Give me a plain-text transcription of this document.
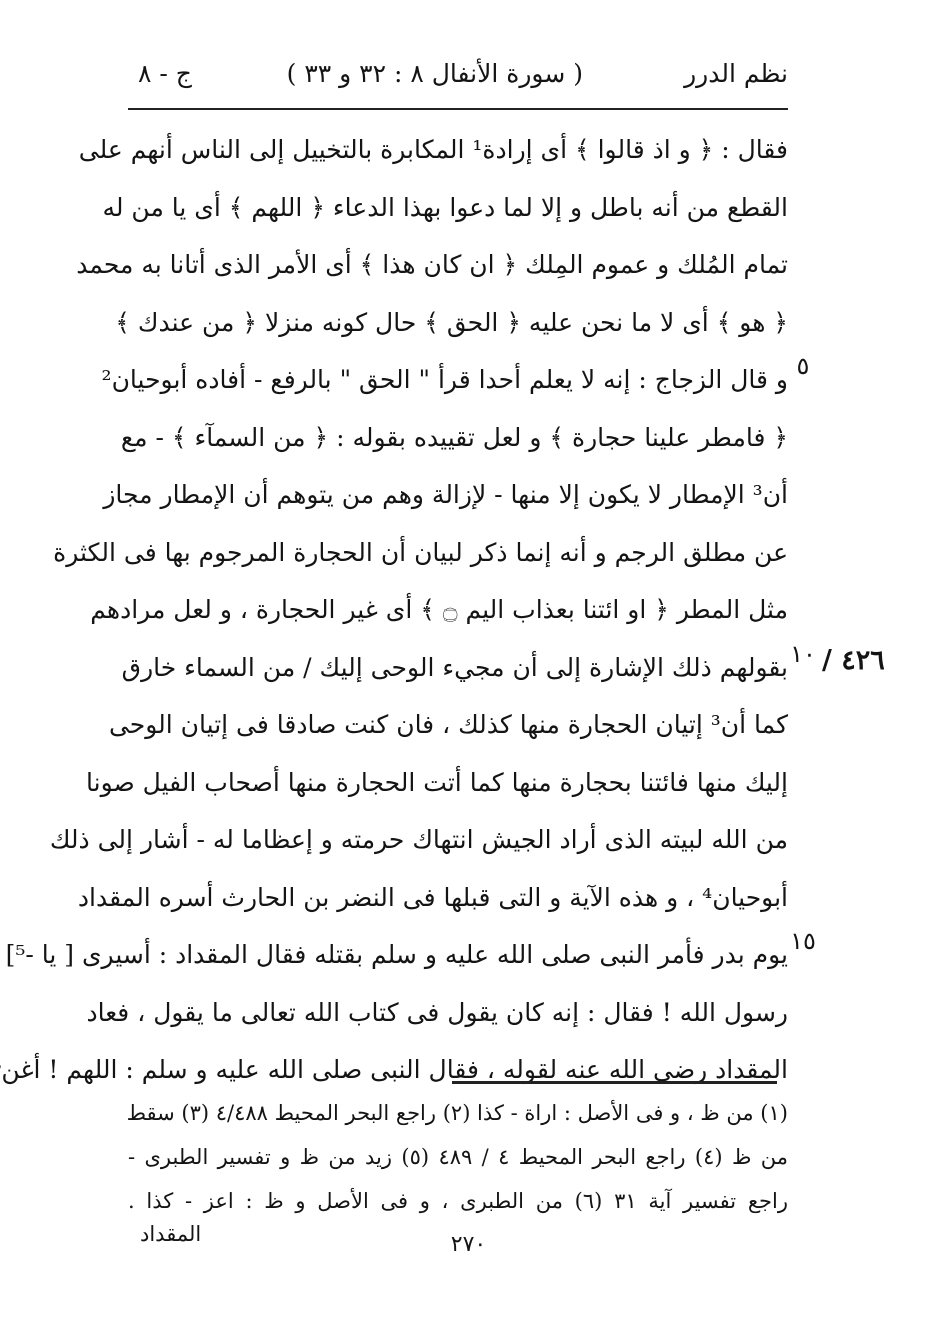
نظم الدرر
( سورة الأنفال ٨ : ٣٢ و ٣٣ )
ج - ٨
فقال : ﴿ و اذ قالوا ﴾ أى إرادة¹ المكابرة بالتخييل إلى الناس أنهم على
القطع من أنه باطل و إلا لما دعوا بهذا الدعاء ﴿ اللهم ﴾ أى يا من له
تمام المُلك و عموم المِلك ﴿ ان كان هذا ﴾ أى الأمر الذى أتانا به محمد
﴿ هو ﴾ أى لا ما نحن عليه ﴿ الحق ﴾ حال كونه منزلا ﴿ من عندك ﴾
و قال الزجاج : إنه لا يعلم أحدا قرأ " الحق " بالرفع - أفاده أبوحيان²
﴿ فامطر علينا حجارة ﴾ و لعل تقييده بقوله : ﴿ من السمآء ﴾ - مع
أن³ الإمطار لا يكون إلا منها - لإزالة وهم من يتوهم أن الإمطار مجاز
عن مطلق الرجم و أنه إنما ذكر لبيان أن الحجارة المرجوم بها فى الكثرة
مثل المطر ﴿ او ائتنا بعذاب اليم ۝ ﴾ أى غير الحجارة ، و لعل مرادهم
بقولهم ذلك الإشارة إلى أن مجيء الوحى إليك / من السماء خارق
كما أن³ إتيان الحجارة منها كذلك ، فان كنت صادقا فى إتيان الوحى
إليك منها فائتنا بحجارة منها كما أتت الحجارة منها أصحاب الفيل صونا
من الله لبيته الذى أراد الجيش انتهاك حرمته و إعظاما له - أشار إلى ذلك
أبوحيان⁴ ، و هذه الآية و التى قبلها فى النضر بن الحارث أسره المقداد
يوم بدر فأمر النبى صلى الله عليه و سلم بقتله فقال المقداد : أسيرى [ يا -⁵]
رسول الله ! فقال : إنه كان يقول فى كتاب الله تعالى ما يقول ، فعاد
المقداد رضى الله عنه لقوله ، فقال النبى صلى الله عليه و سلم : اللهم ! أغن
٥
١٠
١٥
٤٢٦ /
(١) من ظ ، و فى الأصل : اراة - كذا (٢) راجع البحر المحيط ٤/٤٨٨ (٣) سقط
من ظ (٤) راجع البحر المحيط ٤ / ٤٨٩ (٥) زيد من ظ و تفسير الطبرى -
راجع تفسير آية ٣١ (٦) من الطبرى ، و فى الأصل و ظ : اعز - كذا .
المقداد	٢٧٠
